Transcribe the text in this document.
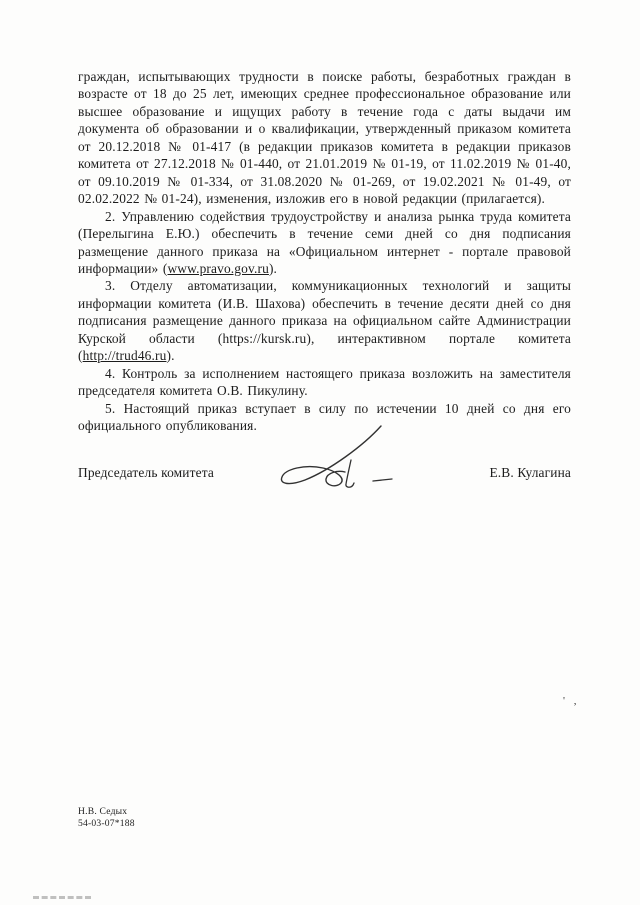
граждан, испытывающих трудности в поиске работы, безработных граждан в возрасте от 18 до 25 лет, имеющих среднее профессиональное образование или высшее образование и ищущих работу в течение года с даты выдачи им документа об образовании и о квалификации, утвержденный приказом комитета от 20.12.2018 № 01-417 (в редакции приказов комитета в редакции приказов комитета от 27.12.2018 № 01-440, от 21.01.2019 № 01-19, от 11.02.2019 № 01-40, от 09.10.2019 № 01-334, от 31.08.2020 № 01-269, от 19.02.2021 № 01-49, от 02.02.2022 № 01-24), изменения, изложив его в новой редакции (прилагается).

2. Управлению содействия трудоустройству и анализа рынка труда комитета (Перелыгина Е.Ю.) обеспечить в течение семи дней со дня подписания размещение данного приказа на «Официальном интернет - портале правовой информации» (www.pravo.gov.ru).

3. Отделу автоматизации, коммуникационных технологий и защиты информации комитета (И.В. Шахова) обеспечить в течение десяти дней со дня подписания размещение данного приказа на официальном сайте Администрации Курской области (https://kursk.ru), интерактивном портале комитета (http://trud46.ru).

4. Контроль за исполнением настоящего приказа возложить на заместителя председателя комитета О.В. Пикулину.

5. Настоящий приказ вступает в силу по истечении 10 дней со дня его официального опубликования.

Председатель комитета	Е.В. Кулагина
Н.В. Седых
54-03-07*188
' ,
